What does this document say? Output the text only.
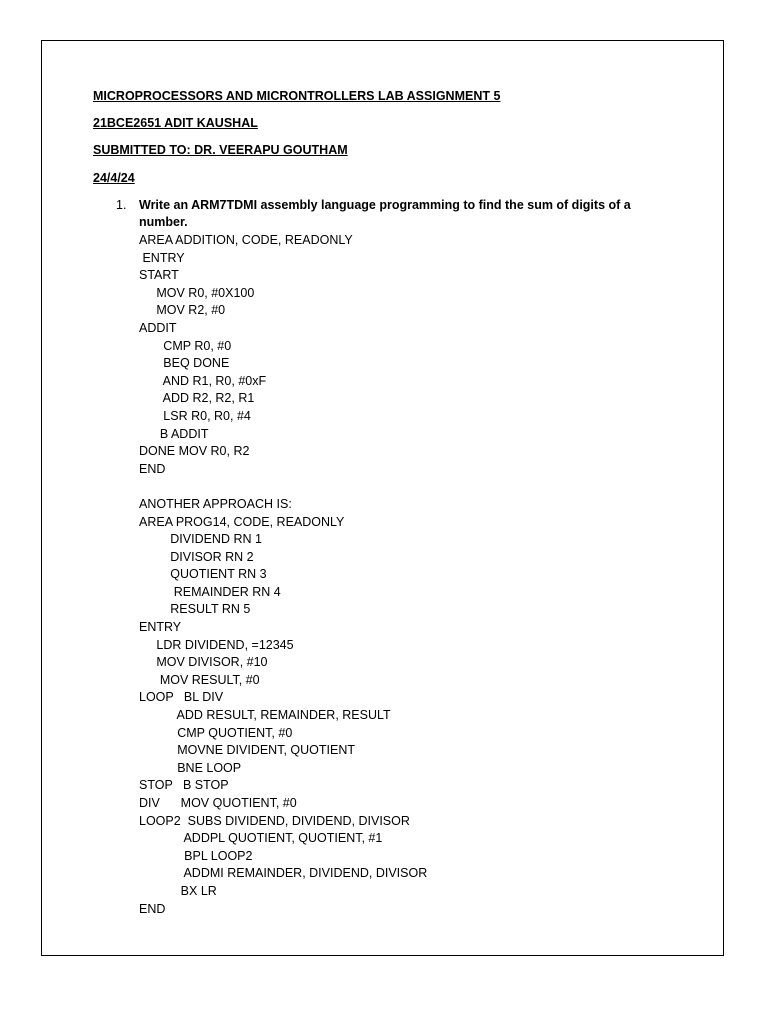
MICROPROCESSORS AND MICRONTROLLERS LAB ASSIGNMENT 5
21BCE2651 ADIT KAUSHAL
SUBMITTED TO: DR. VEERAPU GOUTHAM
24/4/24
1. Write an ARM7TDMI assembly language programming to find the sum of digits of a number.
AREA ADDITION, CODE, READONLY
ENTRY
START
MOV R0, #0X100
MOV R2, #0
ADDIT
CMP R0, #0
BEQ DONE
AND R1, R0, #0xF
ADD R2, R2, R1
LSR R0, R0, #4
B ADDIT
DONE MOV R0, R2
END
ANOTHER APPROACH IS:
AREA PROG14, CODE, READONLY
DIVIDEND RN 1
DIVISOR RN 2
QUOTIENT RN 3
REMAINDER RN 4
RESULT RN 5
ENTRY
LDR DIVIDEND, =12345
MOV DIVISOR, #10
MOV RESULT, #0
LOOP   BL DIV
ADD RESULT, REMAINDER, RESULT
CMP QUOTIENT, #0
MOVNE DIVIDENT, QUOTIENT
BNE LOOP
STOP   B STOP
DIV      MOV QUOTIENT, #0
LOOP2  SUBS DIVIDEND, DIVIDEND, DIVISOR
ADDPL QUOTIENT, QUOTIENT, #1
BPL LOOP2
ADDMI REMAINDER, DIVIDEND, DIVISOR
BX LR
END
